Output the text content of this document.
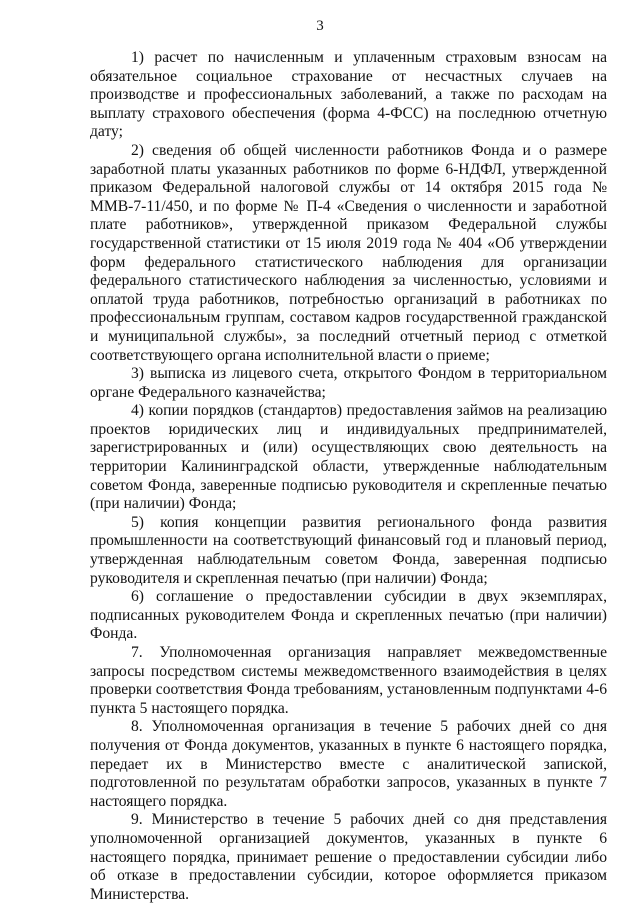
3

1) расчет по начисленным и уплаченным страховым взносам на обязательное социальное страхование от несчастных случаев на производстве и профессиональных заболеваний, а также по расходам на выплату страхового обеспечения (форма 4-ФСС) на последнюю отчетную дату;

2) сведения об общей численности работников Фонда и о размере заработной платы указанных работников по форме 6-НДФЛ, утвержденной приказом Федеральной налоговой службы от 14 октября 2015 года № ММВ-7-11/450, и по форме № П-4 «Сведения о численности и заработной плате работников», утвержденной приказом Федеральной службы государственной статистики от 15 июля 2019 года № 404 «Об утверждении форм федерального статистического наблюдения для организации федерального статистического наблюдения за численностью, условиями и оплатой труда работников, потребностью организаций в работниках по профессиональным группам, составом кадров государственной гражданской и муниципальной службы», за последний отчетный период с отметкой соответствующего органа исполнительной власти о приеме;

3) выписка из лицевого счета, открытого Фондом в территориальном органе Федерального казначейства;

4) копии порядков (стандартов) предоставления займов на реализацию проектов юридических лиц и индивидуальных предпринимателей, зарегистрированных и (или) осуществляющих свою деятельность на территории Калининградской области, утвержденные наблюдательным советом Фонда, заверенные подписью руководителя и скрепленные печатью (при наличии) Фонда;

5) копия концепции развития регионального фонда развития промышленности на соответствующий финансовый год и плановый период, утвержденная наблюдательным советом Фонда, заверенная подписью руководителя и скрепленная печатью (при наличии) Фонда;

6) соглашение о предоставлении субсидии в двух экземплярах, подписанных руководителем Фонда и скрепленных печатью (при наличии) Фонда.

7. Уполномоченная организация направляет межведомственные запросы посредством системы межведомственного взаимодействия в целях проверки соответствия Фонда требованиям, установленным подпунктами 4-6 пункта 5 настоящего порядка.

8. Уполномоченная организация в течение 5 рабочих дней со дня получения от Фонда документов, указанных в пункте 6 настоящего порядка, передает их в Министерство вместе с аналитической запиской, подготовленной по результатам обработки запросов, указанных в пункте 7 настоящего порядка.

9. Министерство в течение 5 рабочих дней со дня представления уполномоченной организацией документов, указанных в пункте 6 настоящего порядка, принимает решение о предоставлении субсидии либо об отказе в предоставлении субсидии, которое оформляется приказом Министерства.
